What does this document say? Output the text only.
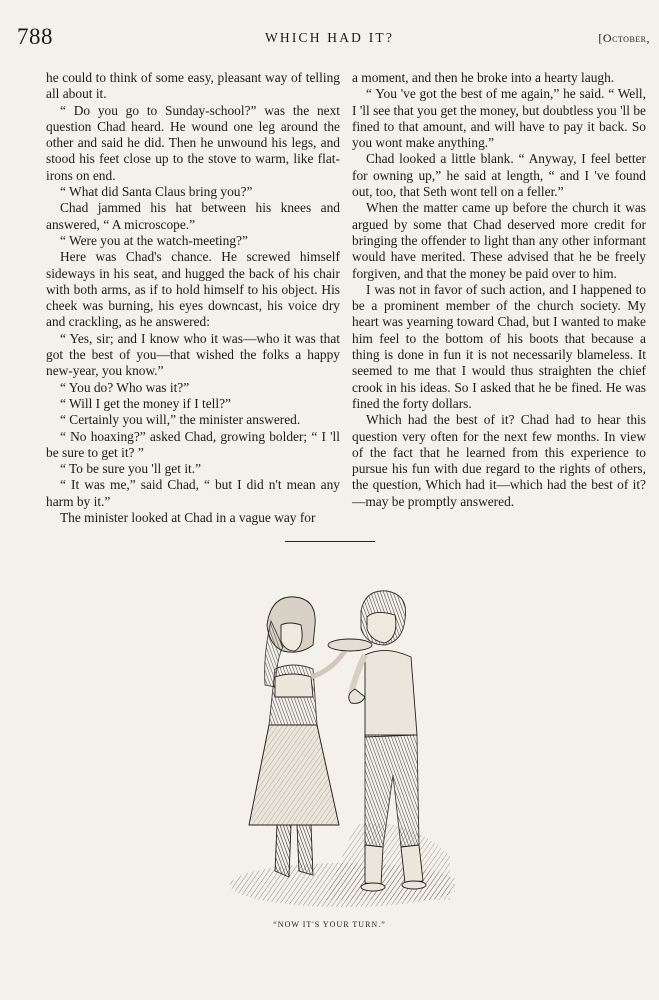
788	WHICH HAD IT?	[October,

he could to think of some easy, pleasant way of telling all about it.

“ Do you go to Sunday-school?” was the next question Chad heard. He wound one leg around the other and said he did. Then he unwound his legs, and stood his feet close up to the stove to warm, like flat-irons on end.

“ What did Santa Claus bring you?”

Chad jammed his hat between his knees and answered, “ A microscope.”

“ Were you at the watch-meeting?”

Here was Chad's chance. He screwed himself sideways in his seat, and hugged the back of his chair with both arms, as if to hold himself to his object. His cheek was burning, his eyes downcast, his voice dry and crackling, as he answered:

“ Yes, sir; and I know who it was—who it was that got the best of you—that wished the folks a happy new-year, you know.”

“ You do? Who was it?”

“ Will I get the money if I tell?”

“ Certainly you will,” the minister answered.

“ No hoaxing?” asked Chad, growing bolder; “ I 'll be sure to get it? ”

“ To be sure you 'll get it.”

“ It was me,” said Chad, “ but I did n't mean any harm by it.”

The minister looked at Chad in a vague way for

a moment, and then he broke into a hearty laugh.

“ You 've got the best of me again,” he said. “ Well, I 'll see that you get the money, but doubtless you 'll be fined to that amount, and will have to pay it back. So you wont make anything.”

Chad looked a little blank. “ Anyway, I feel better for owning up,” he said at length, “ and I 've found out, too, that Seth wont tell on a feller.”

When the matter came up before the church it was argued by some that Chad deserved more credit for bringing the offender to light than any other informant would have merited. These advised that he be freely forgiven, and that the money be paid over to him.

I was not in favor of such action, and I happened to be a prominent member of the church society. My heart was yearning toward Chad, but I wanted to make him feel to the bottom of his boots that because a thing is done in fun it is not necessarily blameless. It seemed to me that I would thus straighten the chief crook in his ideas. So I asked that he be fined. He was fined the forty dollars.

Which had the best of it? Chad had to hear this question very often for the next few months. In view of the fact that he learned from this experience to pursue his fun with due regard to the rights of others, the question, Which had it—which had the best of it?—may be promptly answered.

“NOW IT'S YOUR TURN.”
